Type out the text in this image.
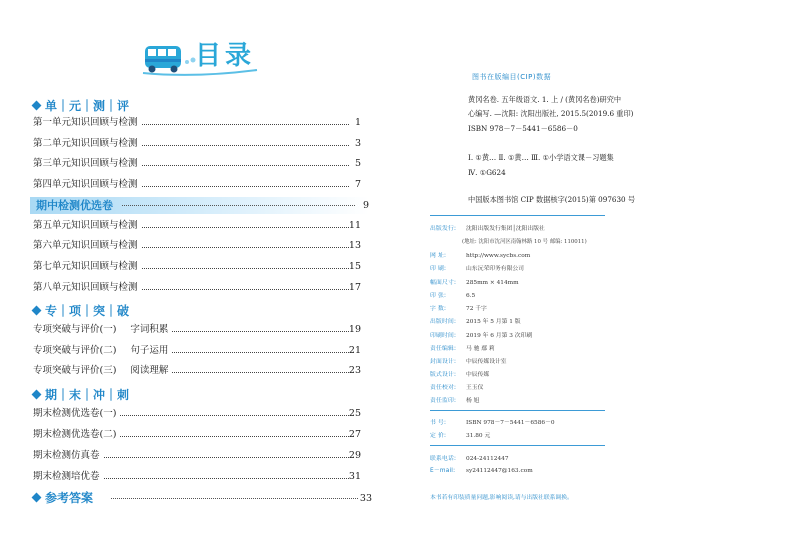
目录
单｜元｜测｜评
第一单元知识回顾与检测	1
第二单元知识回顾与检测	3
第三单元知识回顾与检测	5
第四单元知识回顾与检测	7
期中检测优选卷	9
第五单元知识回顾与检测	11
第六单元知识回顾与检测	13
第七单元知识回顾与检测	15
第八单元知识回顾与检测	17
专｜项｜突｜破
专项突破与评价(一) 字词积累	19
专项突破与评价(二) 句子运用	21
专项突破与评价(三) 阅读理解	23
期｜末｜冲｜刺
期末检测优选卷(一)	25
期末检测优选卷(二)	27
期末检测仿真卷	29
期末检测培优卷	31
参考答案	33
图书在版编目(CIP)数据
黄冈名卷. 五年级语文. 1. 上 / (黄冈名卷)研究中
心编写. —沈阳: 沈阳出版社, 2015.5(2019.6 重印)
ISBN 978－7－5441－6586－0
Ⅰ. ①黄… Ⅱ. ①黄… Ⅲ. ①小学语文课－习题集
Ⅳ. ①G624
中国版本图书馆 CIP 数据核字(2015)第 097630 号
出版发行: 沈阳出版发行集团│沈阳出版社
(地址: 沈阳市沈河区南翰林路 10 号 邮编: 110011)
网 址:	http://www.sycbs.com
印 刷:	山东沅荣印务有限公司
幅面尺寸: 285mm × 414mm
印 张:	6.5
字 数:	72 千字
出版时间: 2015 年 5 月第 1 版
印刷时间: 2019 年 6 月第 3 次印刷
责任编辑: 马 驰 鄢 莉
封面设计: 中辰传媒设计室
版式设计: 中辰传媒
责任校对: 王玉仪
责任监印: 杨 旭
书 号:	ISBN 978－7－5441－6586－0
定 价:	31.80 元
联系电话: 024-24112447
E－mail: sy24112447@163.com
本书若有印装质量问题,影响阅读,请与出版社联系调换。
